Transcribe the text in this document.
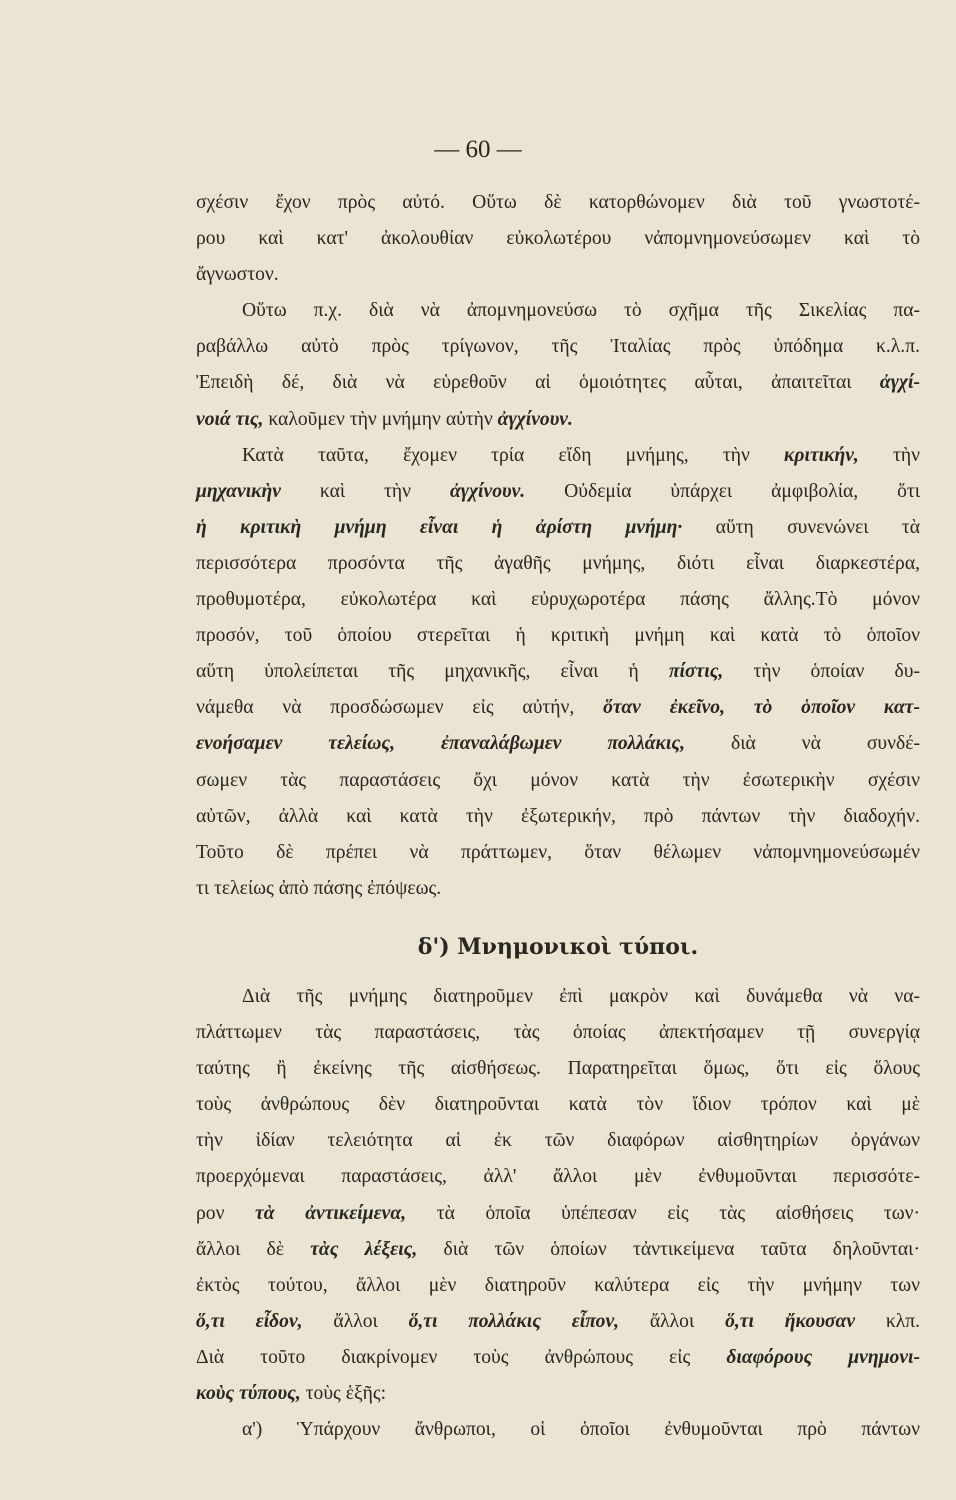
— 60 —
σχέσιν ἔχον πρὸς αὐτό. Οὕτω δὲ κατορθώνομεν διὰ τοῦ γνωστοτέ-
ρου καὶ κατ' ἀκολουθίαν εὐκολωτέρου νἀπομνημονεύσωμεν καὶ τὸ
ἄγνωστον.
Οὕτω π.χ. διὰ νὰ ἀπομνημονεύσω τὸ σχῆμα τῆς Σικελίας πα-
ραβάλλω αὐτὸ πρὸς τρίγωνον, τῆς Ἰταλίας πρὸς ὑπόδημα κ.λ.π.
Ἐπειδὴ δέ, διὰ νὰ εὑρεθοῦν αἱ ὁμοιότητες αὗται, ἀπαιτεῖται ἀγχί-
νοιά τις, καλοῦμεν τὴν μνήμην αὐτὴν ἀγχίνουν.
Κατὰ ταῦτα, ἔχομεν τρία εἴδη μνήμης, τὴν κριτικήν, τὴν
μηχανικὴν καὶ τὴν ἀγχίνουν. Οὐδεμία ὑπάρχει ἀμφιβολία, ὅτι
ἡ κριτικὴ μνήμη εἶναι ἡ ἀρίστη μνήμη· αὕτη συνενώνει τὰ
περισσότερα προσόντα τῆς ἀγαθῆς μνήμης, διότι εἶναι διαρκεστέρα,
προθυμοτέρα, εὐκολωτέρα καὶ εὐρυχωροτέρα πάσης ἄλλης.Τὸ μόνον
προσόν, τοῦ ὁποίου στερεῖται ἡ κριτικὴ μνήμη καὶ κατὰ τὸ ὁποῖον
αὕτη ὑπολείπεται τῆς μηχανικῆς, εἶναι ἡ πίστις, τὴν ὁποίαν δυ-
νάμεθα νὰ προσδώσωμεν εἰς αὐτήν, ὅταν ἐκεῖνο, τὸ ὁποῖον κατ-
ενοήσαμεν τελείως, ἐπαναλάβωμεν πολλάκις, διὰ νὰ συνδέ-
σωμεν τὰς παραστάσεις ὄχι μόνον κατὰ τὴν ἐσωτερικὴν σχέσιν
αὐτῶν, ἀλλὰ καὶ κατὰ τὴν ἐξωτερικήν, πρὸ πάντων τὴν διαδοχήν.
Τοῦτο δὲ πρέπει νὰ πράττωμεν, ὅταν θέλωμεν νἀπομνημονεύσωμέν
τι τελείως ἀπὸ πάσης ἐπόψεως.
δ') Μνημονικοὶ τύποι.
Διὰ τῆς μνήμης διατηροῦμεν ἐπὶ μακρὸν καὶ δυνάμεθα νὰ να-
πλάττωμεν τὰς παραστάσεις, τὰς ὁποίας ἀπεκτήσαμεν τῇ συνεργίᾳ
ταύτης ἢ ἐκείνης τῆς αἰσθήσεως. Παρατηρεῖται ὅμως, ὅτι εἰς ὅλους
τοὺς ἀνθρώπους δὲν διατηροῦνται κατὰ τὸν ἴδιον τρόπον καὶ μὲ
τὴν ἰδίαν τελειότητα αἱ ἐκ τῶν διαφόρων αἰσθητηρίων ὀργάνων
προερχόμεναι παραστάσεις, ἀλλ' ἄλλοι μὲν ἐνθυμοῦνται περισσότε-
ρον τὰ ἀντικείμενα, τὰ ὁποῖα ὑπέπεσαν εἰς τὰς αἰσθήσεις των·
ἄλλοι δὲ τὰς λέξεις, διὰ τῶν ὁποίων τἀντικείμενα ταῦτα δηλοῦνται·
ἐκτὸς τούτου, ἄλλοι μὲν διατηροῦν καλύτερα εἰς τὴν μνήμην των
ὅ,τι εἶδον, ἄλλοι ὅ,τι πολλάκις εἶπον, ἄλλοι ὅ,τι ἤκουσαν κλπ.
Διὰ τοῦτο διακρίνομεν τοὺς ἀνθρώπους εἰς διαφόρους μνημονι-
κοὺς τύπους, τοὺς ἑξῆς:
α') Ὑπάρχουν ἄνθρωποι, οἱ ὁποῖοι ἐνθυμοῦνται πρὸ πάντων
